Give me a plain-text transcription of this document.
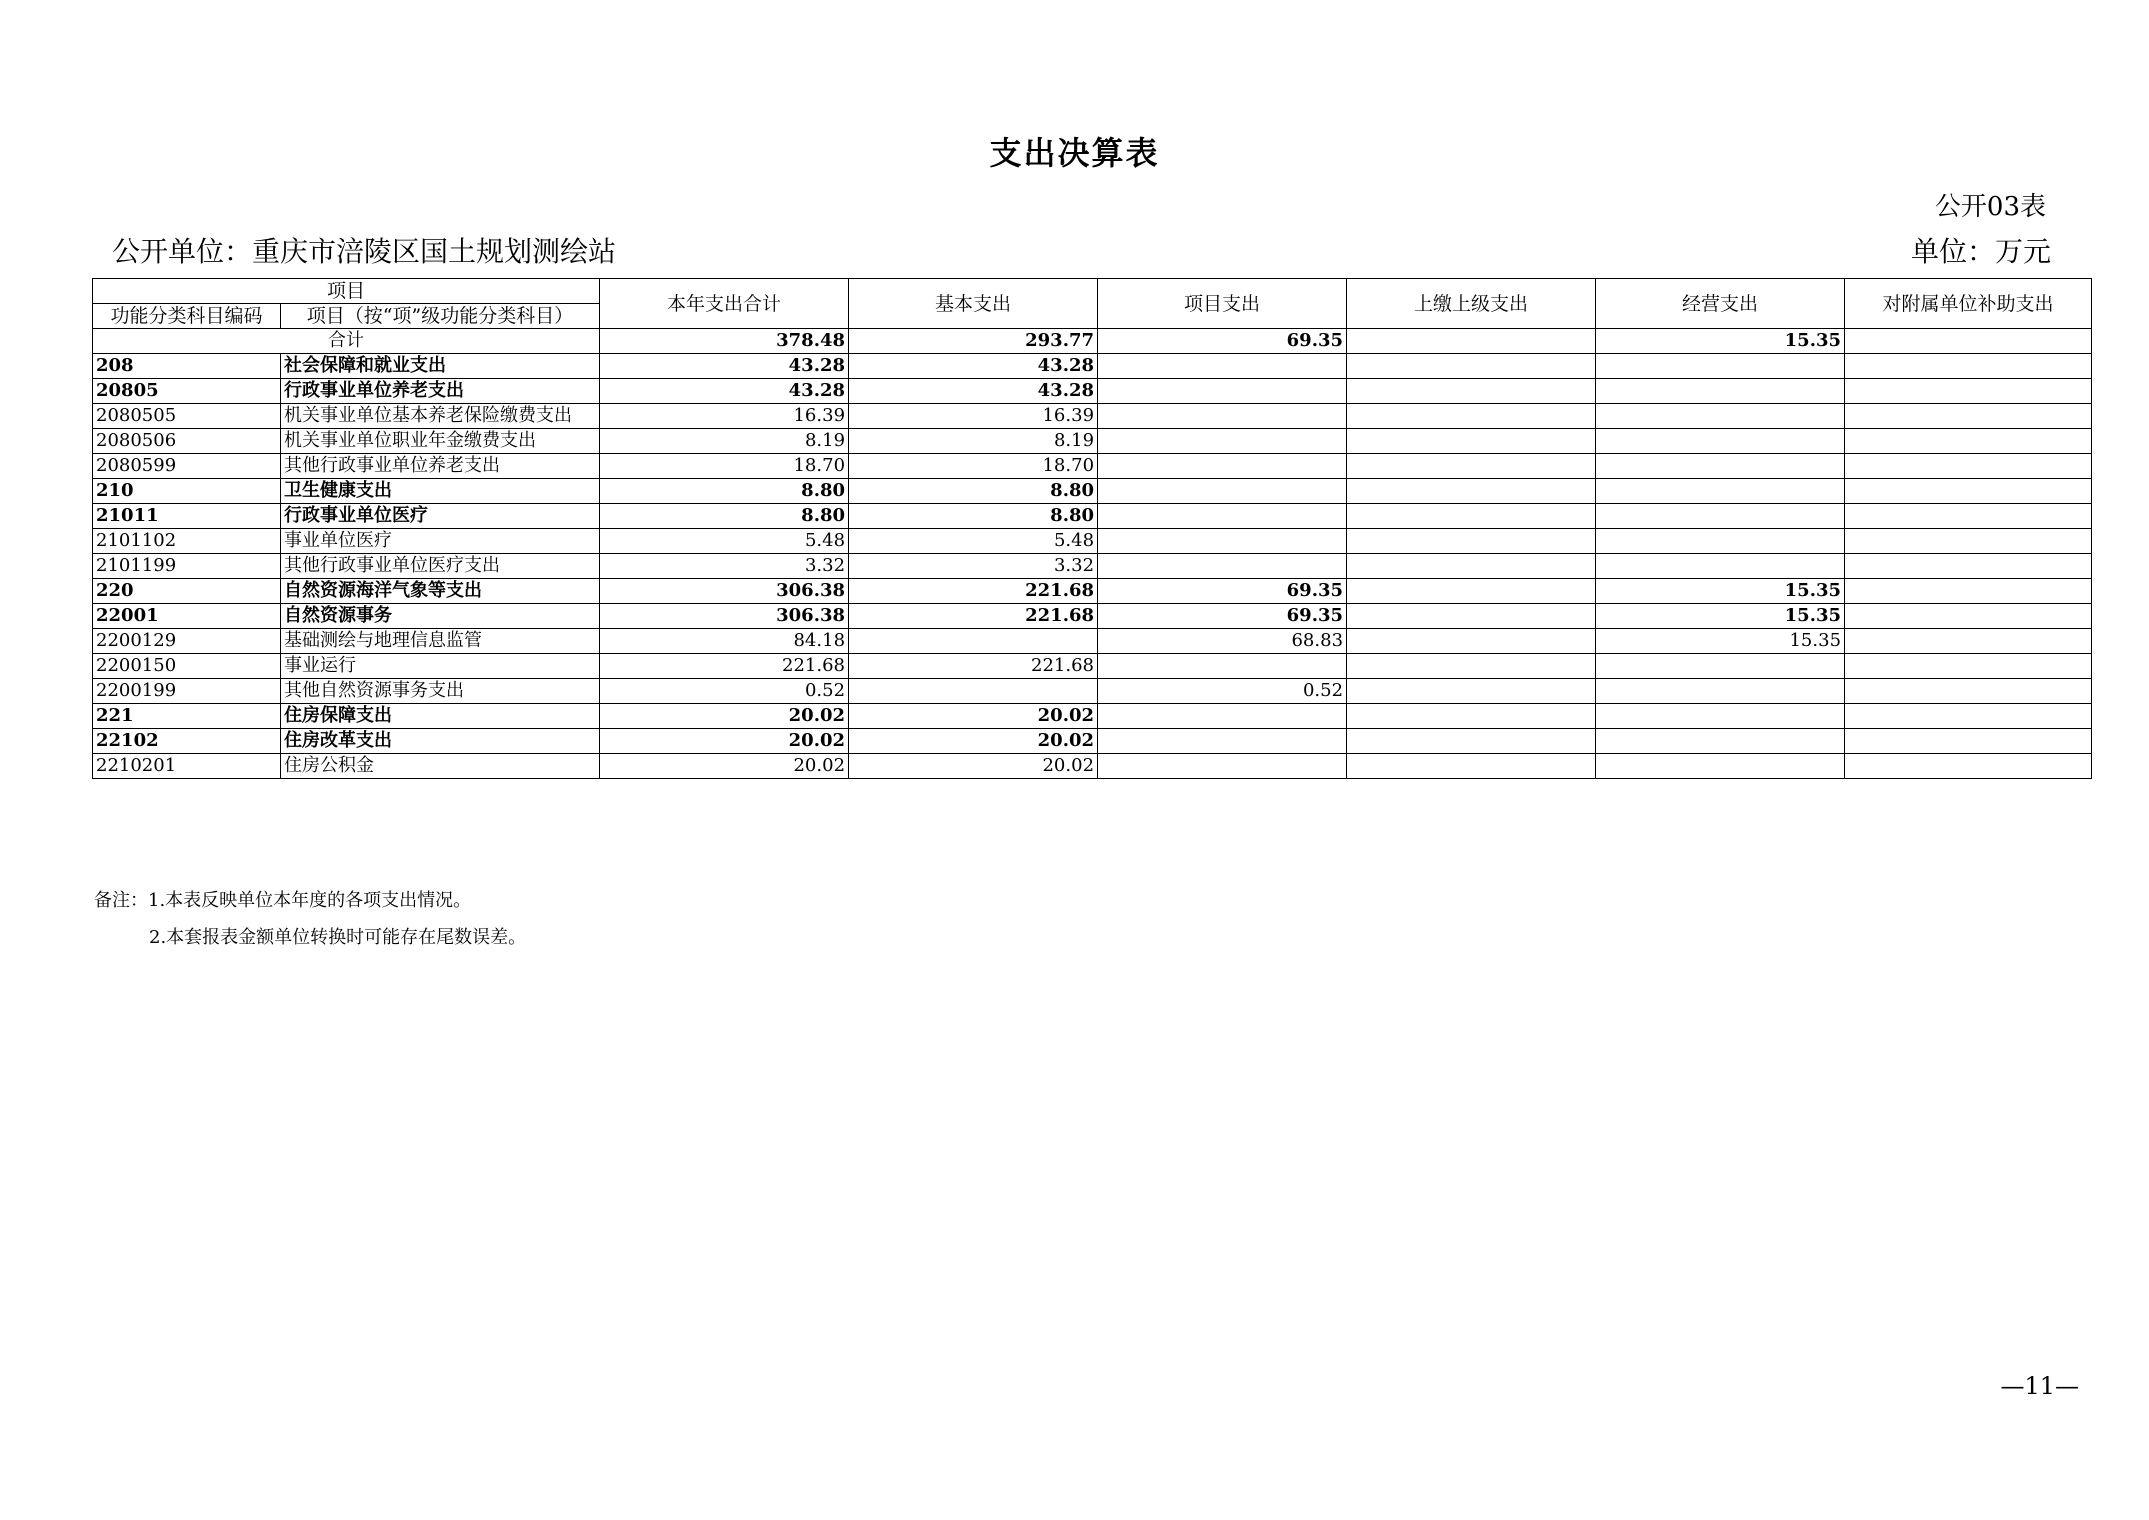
支出决算表
公开03表
公开单位：重庆市涪陵区国土规划测绘站	单位：万元
项目		本年支出合计	基本支出	项目支出	上缴上级支出	经营支出	对附属单位补助支出
功能分类科目编码	项目（按“项”级功能分类科目）						
合计		378.48	293.77	69.35		15.35	
208	社会保障和就业支出	43.28	43.28				
20805	行政事业单位养老支出	43.28	43.28				
2080505	机关事业单位基本养老保险缴费支出	16.39	16.39				
2080506	机关事业单位职业年金缴费支出	8.19	8.19				
2080599	其他行政事业单位养老支出	18.70	18.70				
210	卫生健康支出	8.80	8.80				
21011	行政事业单位医疗	8.80	8.80				
2101102	事业单位医疗	5.48	5.48				
2101199	其他行政事业单位医疗支出	3.32	3.32				
220	自然资源海洋气象等支出	306.38	221.68	69.35		15.35	
22001	自然资源事务	306.38	221.68	69.35		15.35	
2200129	基础测绘与地理信息监管	84.18		68.83		15.35	
2200150	事业运行	221.68	221.68				
2200199	其他自然资源事务支出	0.52		0.52			
221	住房保障支出	20.02	20.02				
22102	住房改革支出	20.02	20.02				
2210201	住房公积金	20.02	20.02				
备注：1.本表反映单位本年度的各项支出情况。
2.本套报表金额单位转换时可能存在尾数误差。
—11—
